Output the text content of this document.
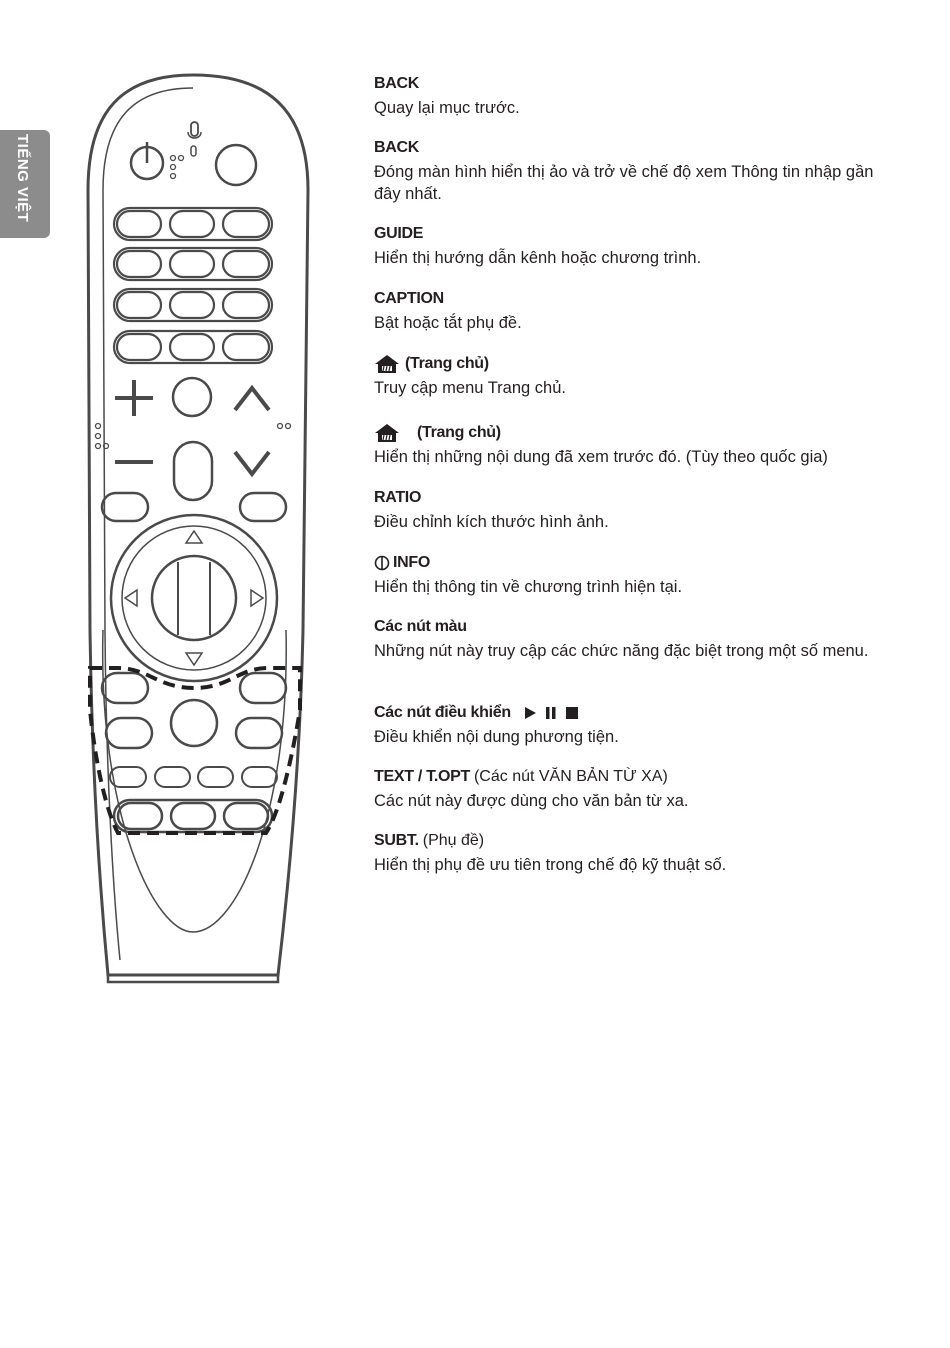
TIẾNG VIỆT
BACK
Quay lại mục trước.
BACK
Đóng màn hình hiển thị ảo và trở về chế độ xem Thông tin nhập gần đây nhất.
GUIDE
Hiển thị hướng dẫn kênh hoặc chương trình.
CAPTION
Bật hoặc tắt phụ đề.
(Trang chủ)
Truy cập menu Trang chủ.
(Trang chủ)
Hiển thị những nội dung đã xem trước đó. (Tùy theo quốc gia)
RATIO
Điều chỉnh kích thước hình ảnh.
INFO
Hiển thị thông tin về chương trình hiện tại.
Các nút màu
Những nút này truy cập các chức năng đặc biệt trong một số menu.
Các nút điều khiển
Điều khiển nội dung phương tiện.
TEXT / T.OPT (Các nút VĂN BẢN TỪ XA)
Các nút này được dùng cho văn bản từ xa.
SUBT. (Phụ đề)
Hiển thị phụ đề ưu tiên trong chế độ kỹ thuật số.
